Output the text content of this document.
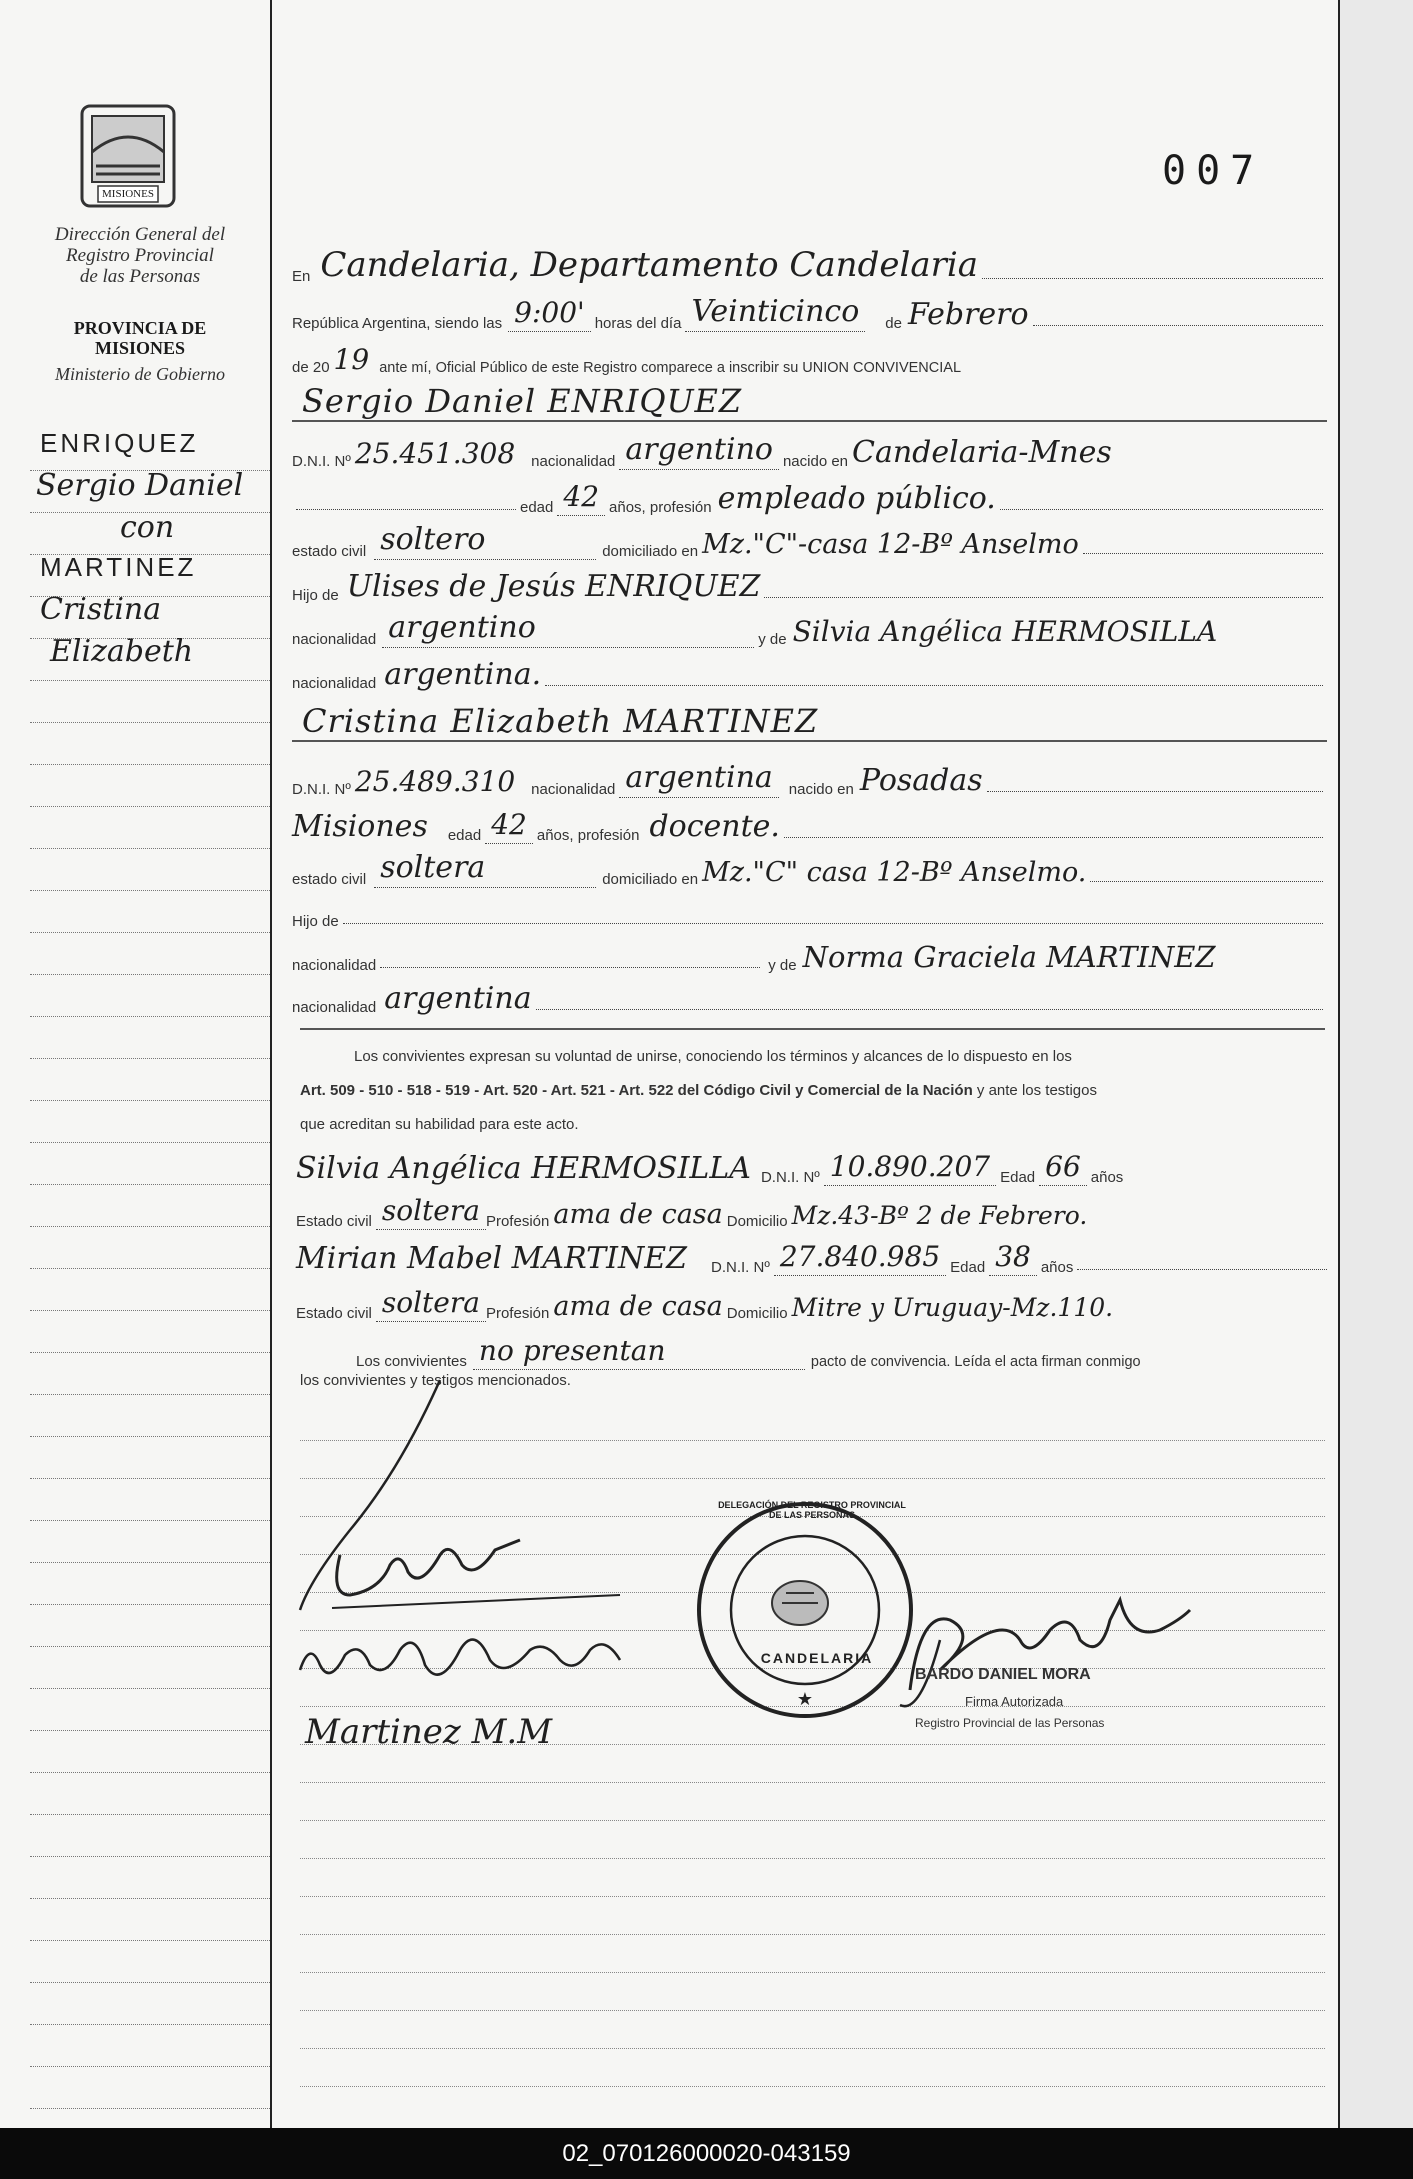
007
MISIONES
Dirección General del
Registro Provincial
de las Personas
PROVINCIA DE
MISIONES
Ministerio de Gobierno
ENRIQUEZ
Sergio Daniel
con
MARTINEZ
Cristina
Elizabeth
En Candelaria, Departamento Candelaria
República Argentina, siendo las 9:00' horas del día Veinticinco	de Febrero
de 20 19 ante mí, Oficial Público de este Registro comparece a inscribir su UNION CONVIVENCIAL
Sergio Daniel ENRIQUEZ
D.N.I. Nº 25.451.308 nacionalidad argentino nacido en Candelaria-Mnes
edad 42 años, profesión empleado público.
estado civil soltero	domiciliado en Mz."C"-casa 12-Bº Anselmo
Hijo de Ulises de Jesús ENRIQUEZ
nacionalidad argentino	y de Silvia Angélica HERMOSILLA
nacionalidad argentina.
Cristina Elizabeth MARTINEZ
D.N.I. Nº 25.489.310 nacionalidad argentina	nacido en Posadas
Misiones edad 42 años, profesión docente.
estado civil soltera	domiciliado en Mz."C" casa 12-Bº Anselmo.
Hijo de
nacionalidad	y de Norma Graciela MARTINEZ
nacionalidad argentina
Los convivientes expresan su voluntad de unirse, conociendo los términos y alcances de lo dispuesto en los
Art. 509 - 510 - 518 - 519 - Art. 520 - Art. 521 - Art. 522 del Código Civil y Comercial de la Nación y ante los testigos
que acreditan su habilidad para este acto.
Silvia Angélica HERMOSILLA D.N.I. Nº 10.890.207 Edad 66 años
Estado civil soltera Profesión ama de casa Domicilio Mz.43-Bº 2 de Febrero.
Mirian Mabel MARTINEZ D.N.I. Nº 27.840.985 Edad 38 años
Estado civil soltera Profesión ama de casa Domicilio Mitre y Uruguay-Mz.110.
Los convivientes no presentan	pacto de convivencia. Leída el acta firman conmigo
los convivientes y testigos mencionados.
Martinez M.M
★
DELEGACIÓN DEL REGISTRO PROVINCIAL DE LAS PERSONAS
CANDELARIA
BARDO DANIEL MORA
Firma Autorizada
Registro Provincial de las Personas
02_070126000020-043159
